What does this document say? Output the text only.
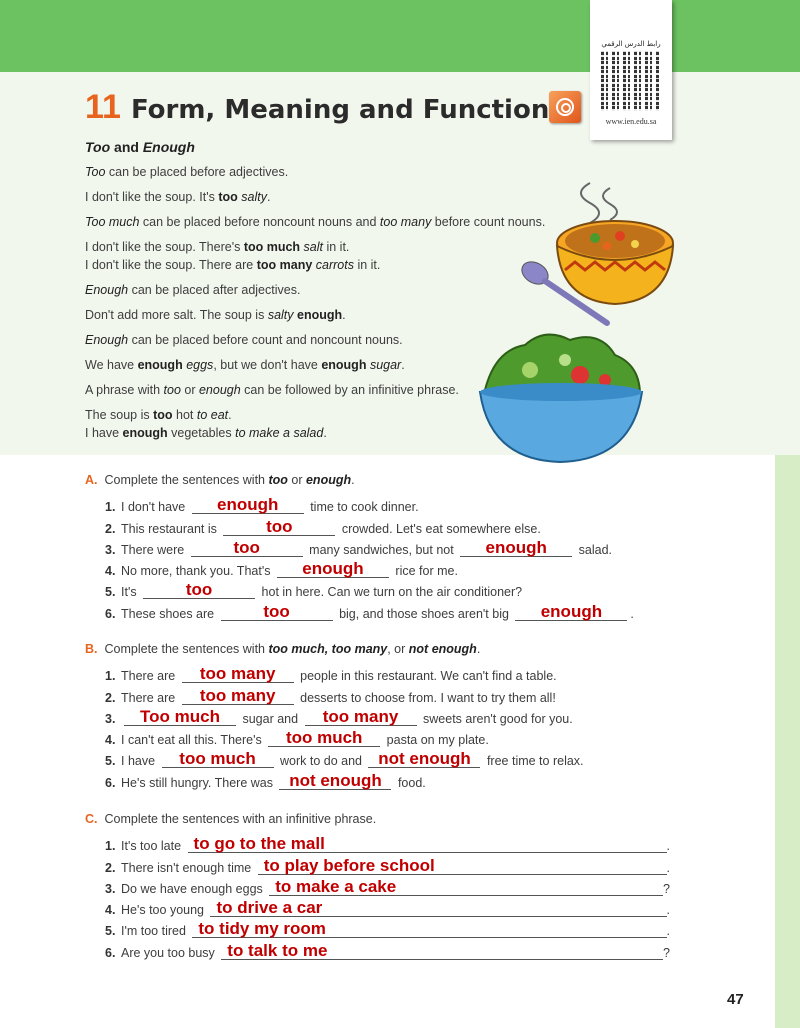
رابط الدرس الرقمي
www.ien.edu.sa
11 Form, Meaning and Function
Too and Enough

Too can be placed before adjectives.

I don't like the soup. It's too salty.

Too much can be placed before noncount nouns and too many before count nouns.

I don't like the soup. There's too much salt in it.
I don't like the soup. There are too many carrots in it.

Enough can be placed after adjectives.

Don't add more salt. The soup is salty enough.

Enough can be placed before count and noncount nouns.

We have enough eggs, but we don't have enough sugar.

A phrase with too or enough can be followed by an infinitive phrase.

The soup is too hot to eat.
I have enough vegetables to make a salad.

A. Complete the sentences with too or enough.
1. I don't have	enough	time to cook dinner.
2. This restaurant is	too	crowded. Let's eat somewhere else.
3. There were	too	many sandwiches, but not	enough	salad.
4. No more, thank you. That's	enough	rice for me.
5. It's	too	hot in here. Can we turn on the air conditioner?
6. These shoes are	too	big, and those shoes aren't big	enough	.
B. Complete the sentences with too much, too many, or not enough.
1. There are	too many	people in this restaurant. We can't find a table.
2. There are	too many	desserts to choose from. I want to try them all!
3.	Too much	sugar and	too many	sweets aren't good for you.
4. I can't eat all this. There's	too much	pasta on my plate.
5. I have	too much	work to do and not enough	free time to relax.
6. He's still hungry. There was not enough	food.
C. Complete the sentences with an infinitive phrase.
1. It's too late to go to the mall	.
2. There isn't enough time to play before school	.
3. Do we have enough eggs to make a cake	?
4. He's too young to drive a car	.
5. I'm too tired to tidy my room	.
6. Are you too busy to talk to me	?
47
